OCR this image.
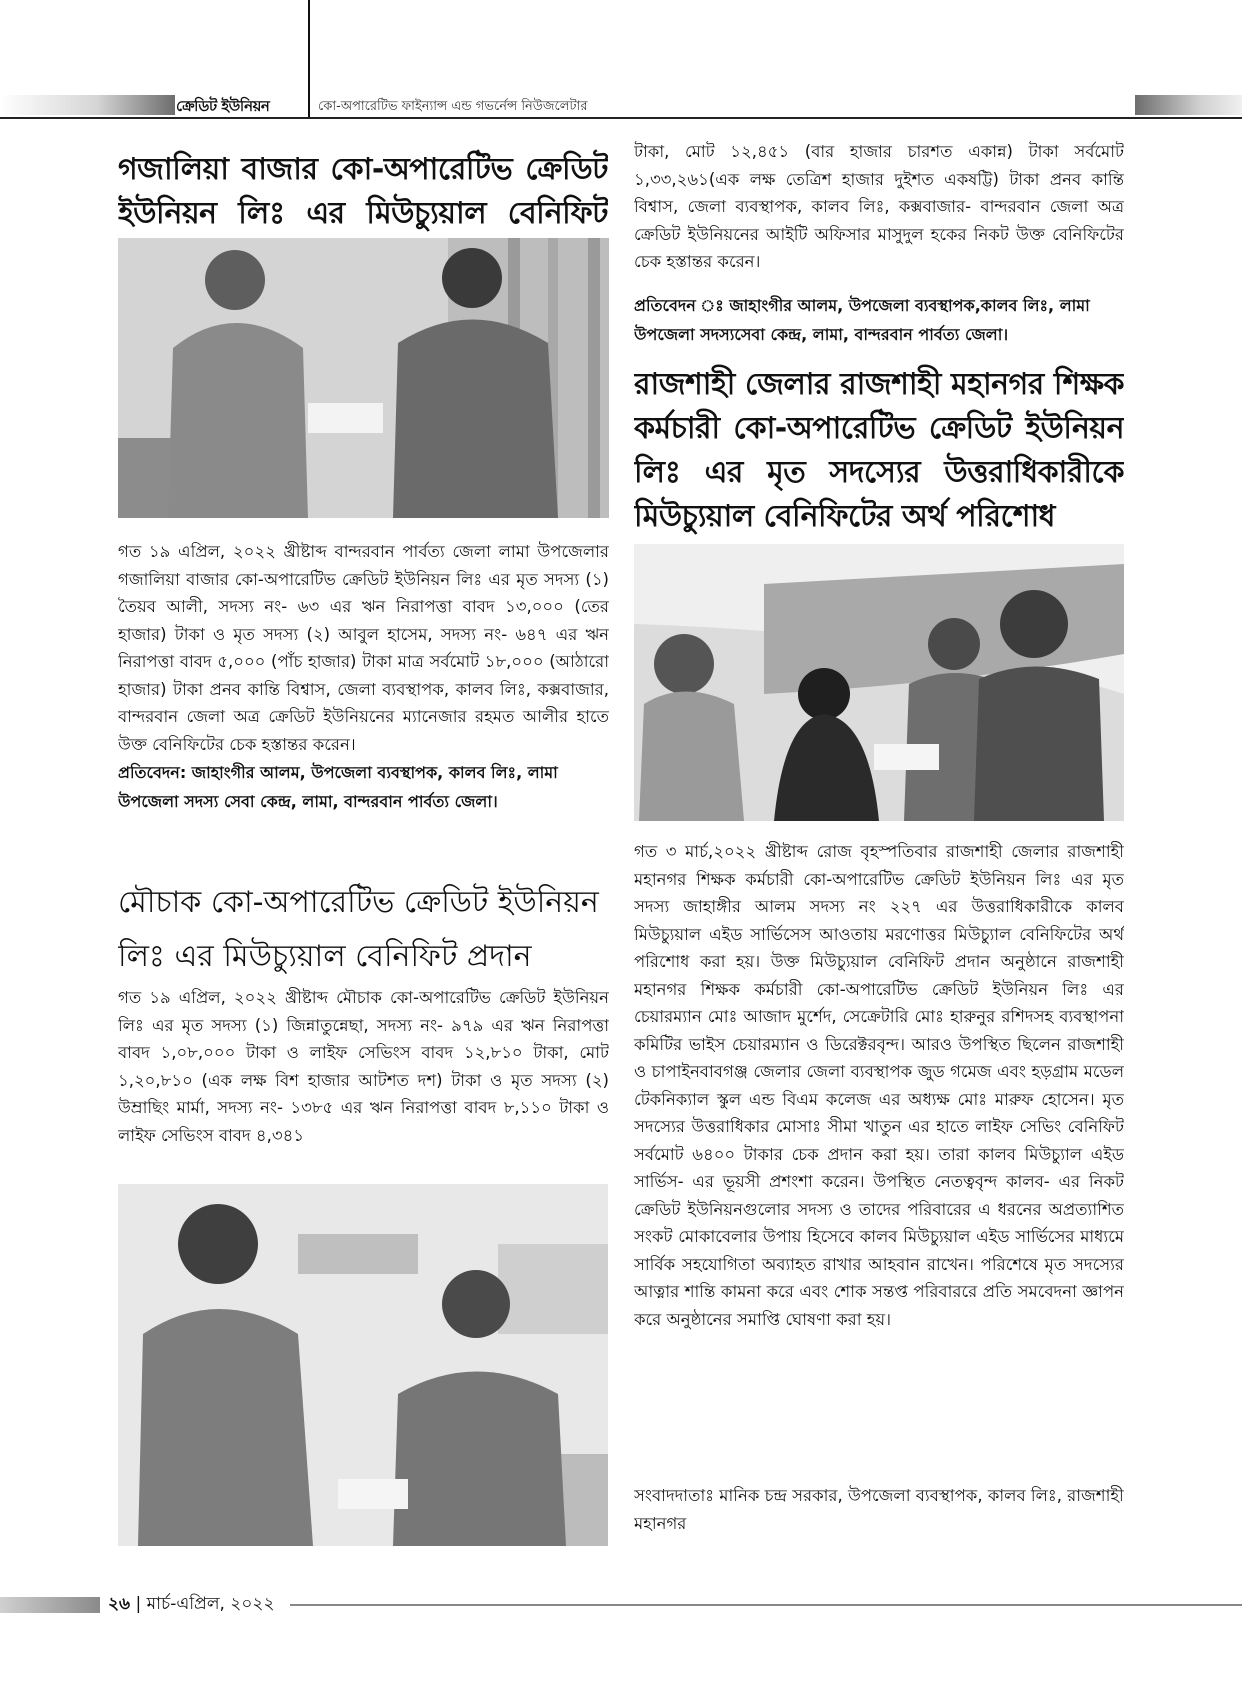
ক্রেডিট ইউনিয়ন	কো-অপারেটিভ ফাইন্যান্স এন্ড গভর্নেন্স নিউজলেটার

গজালিয়া বাজার কো-অপারেটিভ ক্রেডিট

ইউনিয়ন লিঃ এর মিউচ্যুয়াল বেনিফিট

গত ১৯ এপ্রিল, ২০২২ খ্রীষ্টাব্দ বান্দরবান পার্বত্য জেলা লামা উপজেলার গজালিয়া বাজার কো-অপারেটিভ ক্রেডিট ইউনিয়ন লিঃ এর মৃত সদস্য (১) তৈয়ব আলী, সদস্য নং- ৬৩ এর ঋন নিরাপত্তা বাবদ ১৩,০০০ (তের হাজার) টাকা ও মৃত সদস্য (২) আবুল হাসেম, সদস্য নং- ৬৪৭ এর ঋন নিরাপত্তা বাবদ ৫,০০০ (পাঁচ হাজার) টাকা মাত্র সর্বমোট ১৮,০০০ (আঠারো হাজার) টাকা প্রনব কান্তি বিশ্বাস, জেলা ব্যবস্থাপক, কালব লিঃ, কক্সবাজার, বান্দরবান জেলা অত্র ক্রেডিট ইউনিয়নের ম্যানেজার রহমত আলীর হাতে উক্ত বেনিফিটের চেক হস্তান্তর করেন।

প্রতিবেদন: জাহাংগীর আলম, উপজেলা ব্যবস্থাপক, কালব লিঃ, লামা উপজেলা সদস্য সেবা কেন্দ্র, লামা, বান্দরবান পার্বত্য জেলা।

মৌচাক কো-অপারেটিভ ক্রেডিট ইউনিয়ন

লিঃ এর মিউচ্যুয়াল বেনিফিট প্রদান

গত ১৯ এপ্রিল, ২০২২ খ্রীষ্টাব্দ মৌচাক কো-অপারেটিভ ক্রেডিট ইউনিয়ন লিঃ এর মৃত সদস্য (১) জিন্নাতুন্নেছা, সদস্য নং- ৯৭৯ এর ঋন নিরাপত্তা বাবদ ১,০৮,০০০ টাকা ও লাইফ সেভিংস বাবদ ১২,৮১০ টাকা, মোট ১,২০,৮১০ (এক লক্ষ বিশ হাজার আটশত দশ) টাকা ও মৃত সদস্য (২) উম্রাছিং মার্মা, সদস্য নং- ১৩৮৫ এর ঋন নিরাপত্তা বাবদ ৮,১১০ টাকা ও লাইফ সেভিংস বাবদ ৪,৩৪১

টাকা, মোট ১২,৪৫১ (বার হাজার চারশত একান্ন) টাকা সর্বমোট ১,৩৩,২৬১(এক লক্ষ তেত্রিশ হাজার দুইশত একষট্টি) টাকা প্রনব কান্তি বিশ্বাস, জেলা ব্যবস্থাপক, কালব লিঃ, কক্সবাজার- বান্দরবান জেলা অত্র ক্রেডিট ইউনিয়নের আইটি অফিসার মাসুদুল হকের নিকট উক্ত বেনিফিটের চেক হস্তান্তর করেন।

প্রতিবেদন ঃ জাহাংগীর আলম, উপজেলা ব্যবস্থাপক,কালব লিঃ, লামা উপজেলা সদস্যসেবা কেন্দ্র, লামা, বান্দরবান পার্বত্য জেলা।

রাজশাহী জেলার রাজশাহী মহানগর শিক্ষক

কর্মচারী কো-অপারেটিভ ক্রেডিট ইউনিয়ন

লিঃ এর মৃত সদস্যের উত্তরাধিকারীকে

মিউচ্যুয়াল বেনিফিটের অর্থ পরিশোধ

গত ৩ মার্চ,২০২২ খ্রীষ্টাব্দ রোজ বৃহস্পতিবার রাজশাহী জেলার রাজশাহী মহানগর শিক্ষক কর্মচারী কো-অপারেটিভ ক্রেডিট ইউনিয়ন লিঃ এর মৃত সদস্য জাহাঙ্গীর আলম সদস্য নং ২২৭ এর উত্তরাধিকারীকে কালব মিউচ্যুয়াল এইড সার্ভিসেস আওতায় মরণোত্তর মিউচ্যুাল বেনিফিটের অর্থ পরিশোধ করা হয়। উক্ত মিউচ্যুয়াল বেনিফিট প্রদান অনুষ্ঠানে রাজশাহী মহানগর শিক্ষক কর্মচারী কো-অপারেটিভ ক্রেডিট ইউনিয়ন লিঃ এর চেয়ারম্যান মোঃ আজাদ মুর্শেদ, সেক্রেটারি মোঃ হারুনুর রশিদসহ ব্যবস্থাপনা কমিটির ভাইস চেয়ারম্যান ও ডিরেক্টরবৃন্দ। আরও উপস্থিত ছিলেন রাজশাহী ও চাপাইনবাবগঞ্জ জেলার জেলা ব্যবস্থাপক জুড গমেজ এবং হড়গ্রাম মডেল টেকনিক্যাল স্কুল এন্ড বিএম কলেজ এর অধ্যক্ষ মোঃ মারুফ হোসেন। মৃত সদস্যের উত্তরাধিকার মোসাঃ সীমা খাতুন এর হাতে লাইফ সেভিং বেনিফিট সর্বমোট ৬৪০০ টাকার চেক প্রদান করা হয়। তারা কালব মিউচ্যুাল এইড সার্ভিস- এর ভূয়সী প্রশংশা করেন। উপস্থিত নেতত্ববৃন্দ কালব- এর নিকট ক্রেডিট ইউনিয়নগুলোর সদস্য ও তাদের পরিবারের এ ধরনের অপ্রত্যাশিত সংকট মোকাবেলার উপায় হিসেবে কালব মিউচ্যুয়াল এইড সার্ভিসের মাধ্যমে সার্বিক সহযোগিতা অব্যাহত রাখার আহবান রাখেন। পরিশেষে মৃত সদস্যের আত্নার শান্তি কামনা করে এবং শোক সন্তপ্ত পরিবাররে প্রতি সমবেদনা জ্ঞাপন করে অনুষ্ঠানের সমাপ্তি ঘোষণা করা হয়।

সংবাদদাতাঃ মানিক চন্দ্র সরকার, উপজেলা ব্যবস্থাপক, কালব লিঃ, রাজশাহী মহানগর

২৬ | মার্চ-এপ্রিল, ২০২২
